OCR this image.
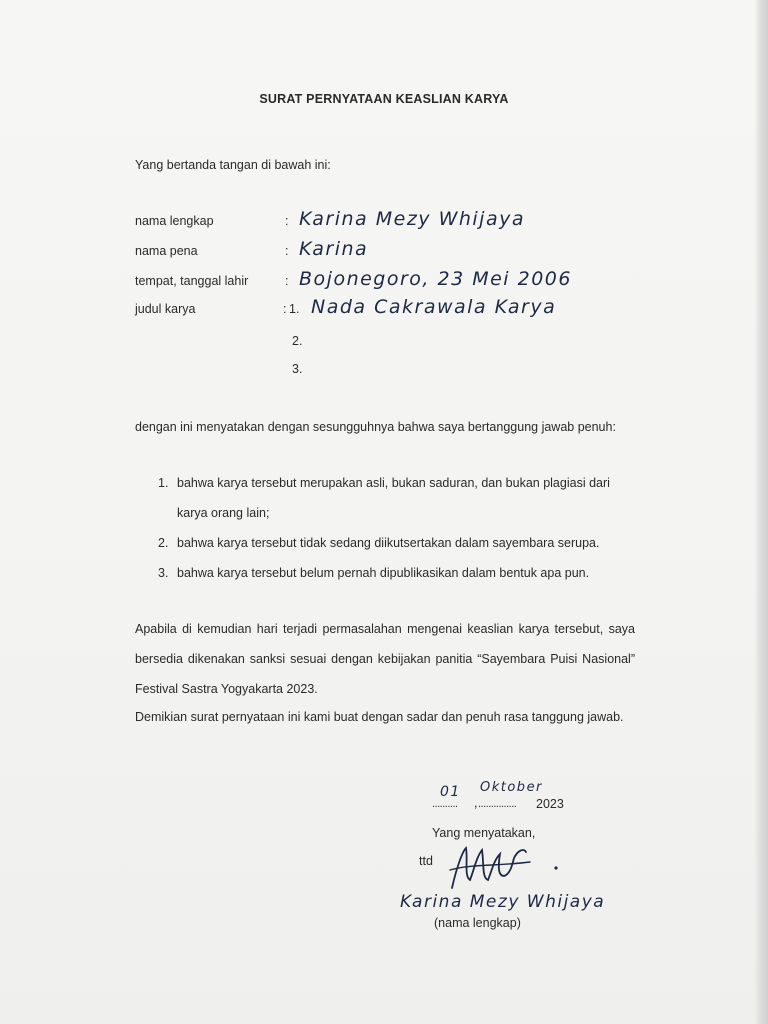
SURAT PERNYATAAN KEASLIAN KARYA
Yang bertanda tangan di bawah ini:
nama lengkap	: Karina Mezy Whijaya
nama pena	: Karina
tempat, tanggal lahir	: Bojonegoro, 23 Mei 2006
judul karya	: 1. Nada Cakrawala Karya
2.
3.
dengan ini menyatakan dengan sesungguhnya bahwa saya bertanggung jawab penuh:
1. bahwa karya tersebut merupakan asli, bukan saduran, dan bukan plagiasi dari karya orang lain;
2. bahwa karya tersebut tidak sedang diikutsertakan dalam sayembara serupa.
3. bahwa karya tersebut belum pernah dipublikasikan dalam bentuk apa pun.
Apabila di kemudian hari terjadi permasalahan mengenai keaslian karya tersebut, saya bersedia dikenakan sanksi sesuai dengan kebijakan panitia “Sayembara Puisi Nasional” Festival Sastra Yogyakarta 2023.
Demikian surat pernyataan ini kami buat dengan sadar dan penuh rasa tanggung jawab.
01 Oktober
.......... , ............... 2023
Yang menyatakan,
ttd
Karina Mezy Whijaya
(nama lengkap)
